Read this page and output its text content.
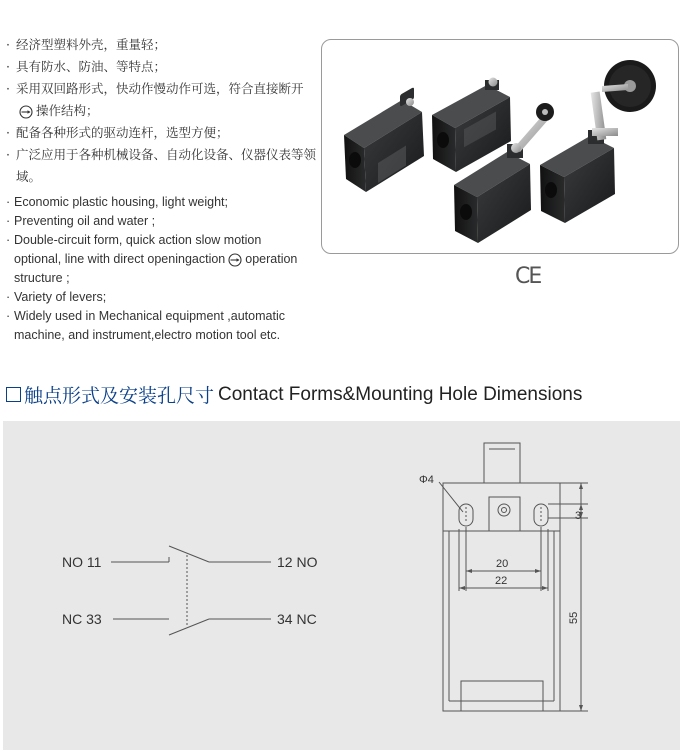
· 经济型塑料外壳，重量轻；
· 具有防水、防油、等特点；
· 采用双回路形式，快动作慢动作可选，符合直接断开操作结构；
· 配备各种形式的驱动连杆，选型方便；
· 广泛应用于各种机械设备、自动化设备、仪器仪表等领域。
· Economic plastic housing, light weight;
· Preventing oil and water ;
· Double-circuit form, quick action slow motion
optional, line with direct openingaction operation
structure ;
· Variety of levers;
· Widely used in Mechanical equipment ,automatic
machine, and instrument,electro motion tool etc.
CE
触点形式及安装孔尺寸 Contact Forms&Mounting Hole Dimensions
NO 11
NC 33
12 NO
34 NC
Φ4
3
20
22
55
